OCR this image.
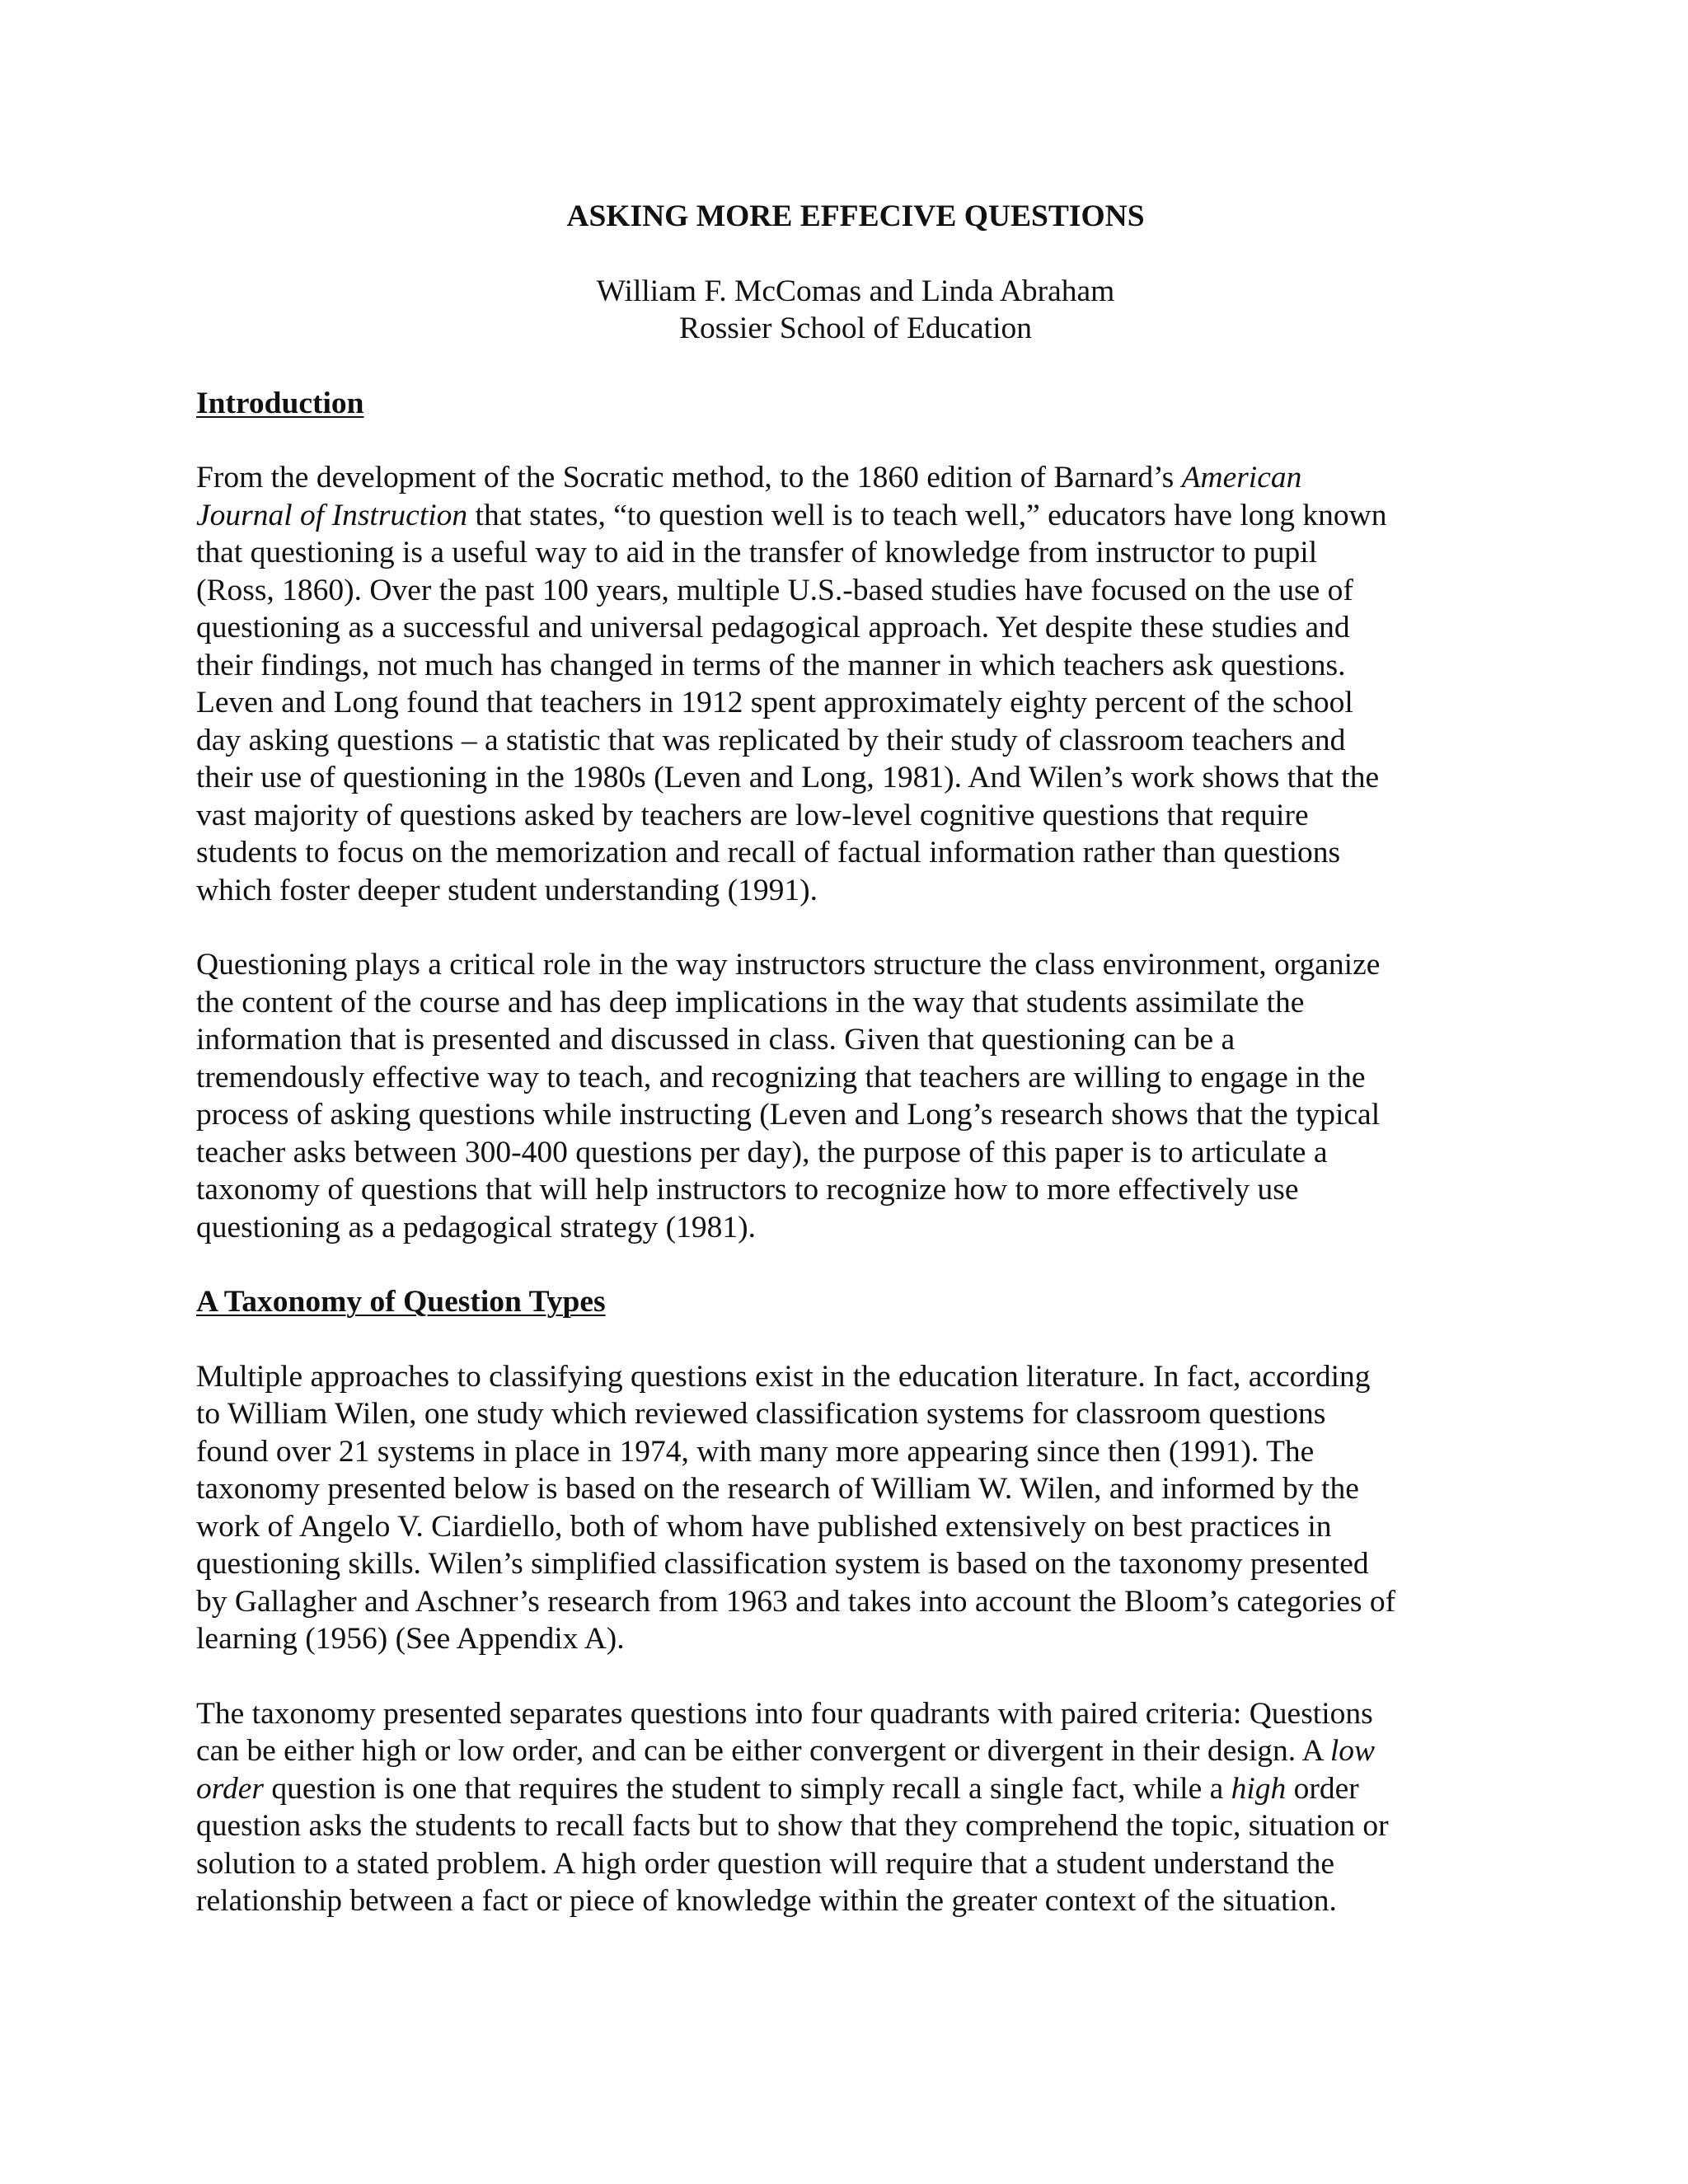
ASKING MORE EFFECIVE QUESTIONS
William F. McComas and Linda Abraham
Rossier School of Education
Introduction

From the development of the Socratic method, to the 1860 edition of Barnard’s American
Journal of Instruction that states, “to question well is to teach well,” educators have long known
that questioning is a useful way to aid in the transfer of knowledge from instructor to pupil
(Ross, 1860). Over the past 100 years, multiple U.S.-based studies have focused on the use of
questioning as a successful and universal pedagogical approach. Yet despite these studies and
their findings, not much has changed in terms of the manner in which teachers ask questions.
Leven and Long found that teachers in 1912 spent approximately eighty percent of the school
day asking questions – a statistic that was replicated by their study of classroom teachers and
their use of questioning in the 1980s (Leven and Long, 1981). And Wilen’s work shows that the
vast majority of questions asked by teachers are low-level cognitive questions that require
students to focus on the memorization and recall of factual information rather than questions
which foster deeper student understanding (1991).

Questioning plays a critical role in the way instructors structure the class environment, organize
the content of the course and has deep implications in the way that students assimilate the
information that is presented and discussed in class. Given that questioning can be a
tremendously effective way to teach, and recognizing that teachers are willing to engage in the
process of asking questions while instructing (Leven and Long’s research shows that the typical
teacher asks between 300-400 questions per day), the purpose of this paper is to articulate a
taxonomy of questions that will help instructors to recognize how to more effectively use
questioning as a pedagogical strategy (1981).

A Taxonomy of Question Types

Multiple approaches to classifying questions exist in the education literature. In fact, according
to William Wilen, one study which reviewed classification systems for classroom questions
found over 21 systems in place in 1974, with many more appearing since then (1991). The
taxonomy presented below is based on the research of William W. Wilen, and informed by the
work of Angelo V. Ciardiello, both of whom have published extensively on best practices in
questioning skills. Wilen’s simplified classification system is based on the taxonomy presented
by Gallagher and Aschner’s research from 1963 and takes into account the Bloom’s categories of
learning (1956) (See Appendix A).

The taxonomy presented separates questions into four quadrants with paired criteria: Questions
can be either high or low order, and can be either convergent or divergent in their design. A low
order question is one that requires the student to simply recall a single fact, while a high order
question asks the students to recall facts but to show that they comprehend the topic, situation or
solution to a stated problem. A high order question will require that a student understand the
relationship between a fact or piece of knowledge within the greater context of the situation.
